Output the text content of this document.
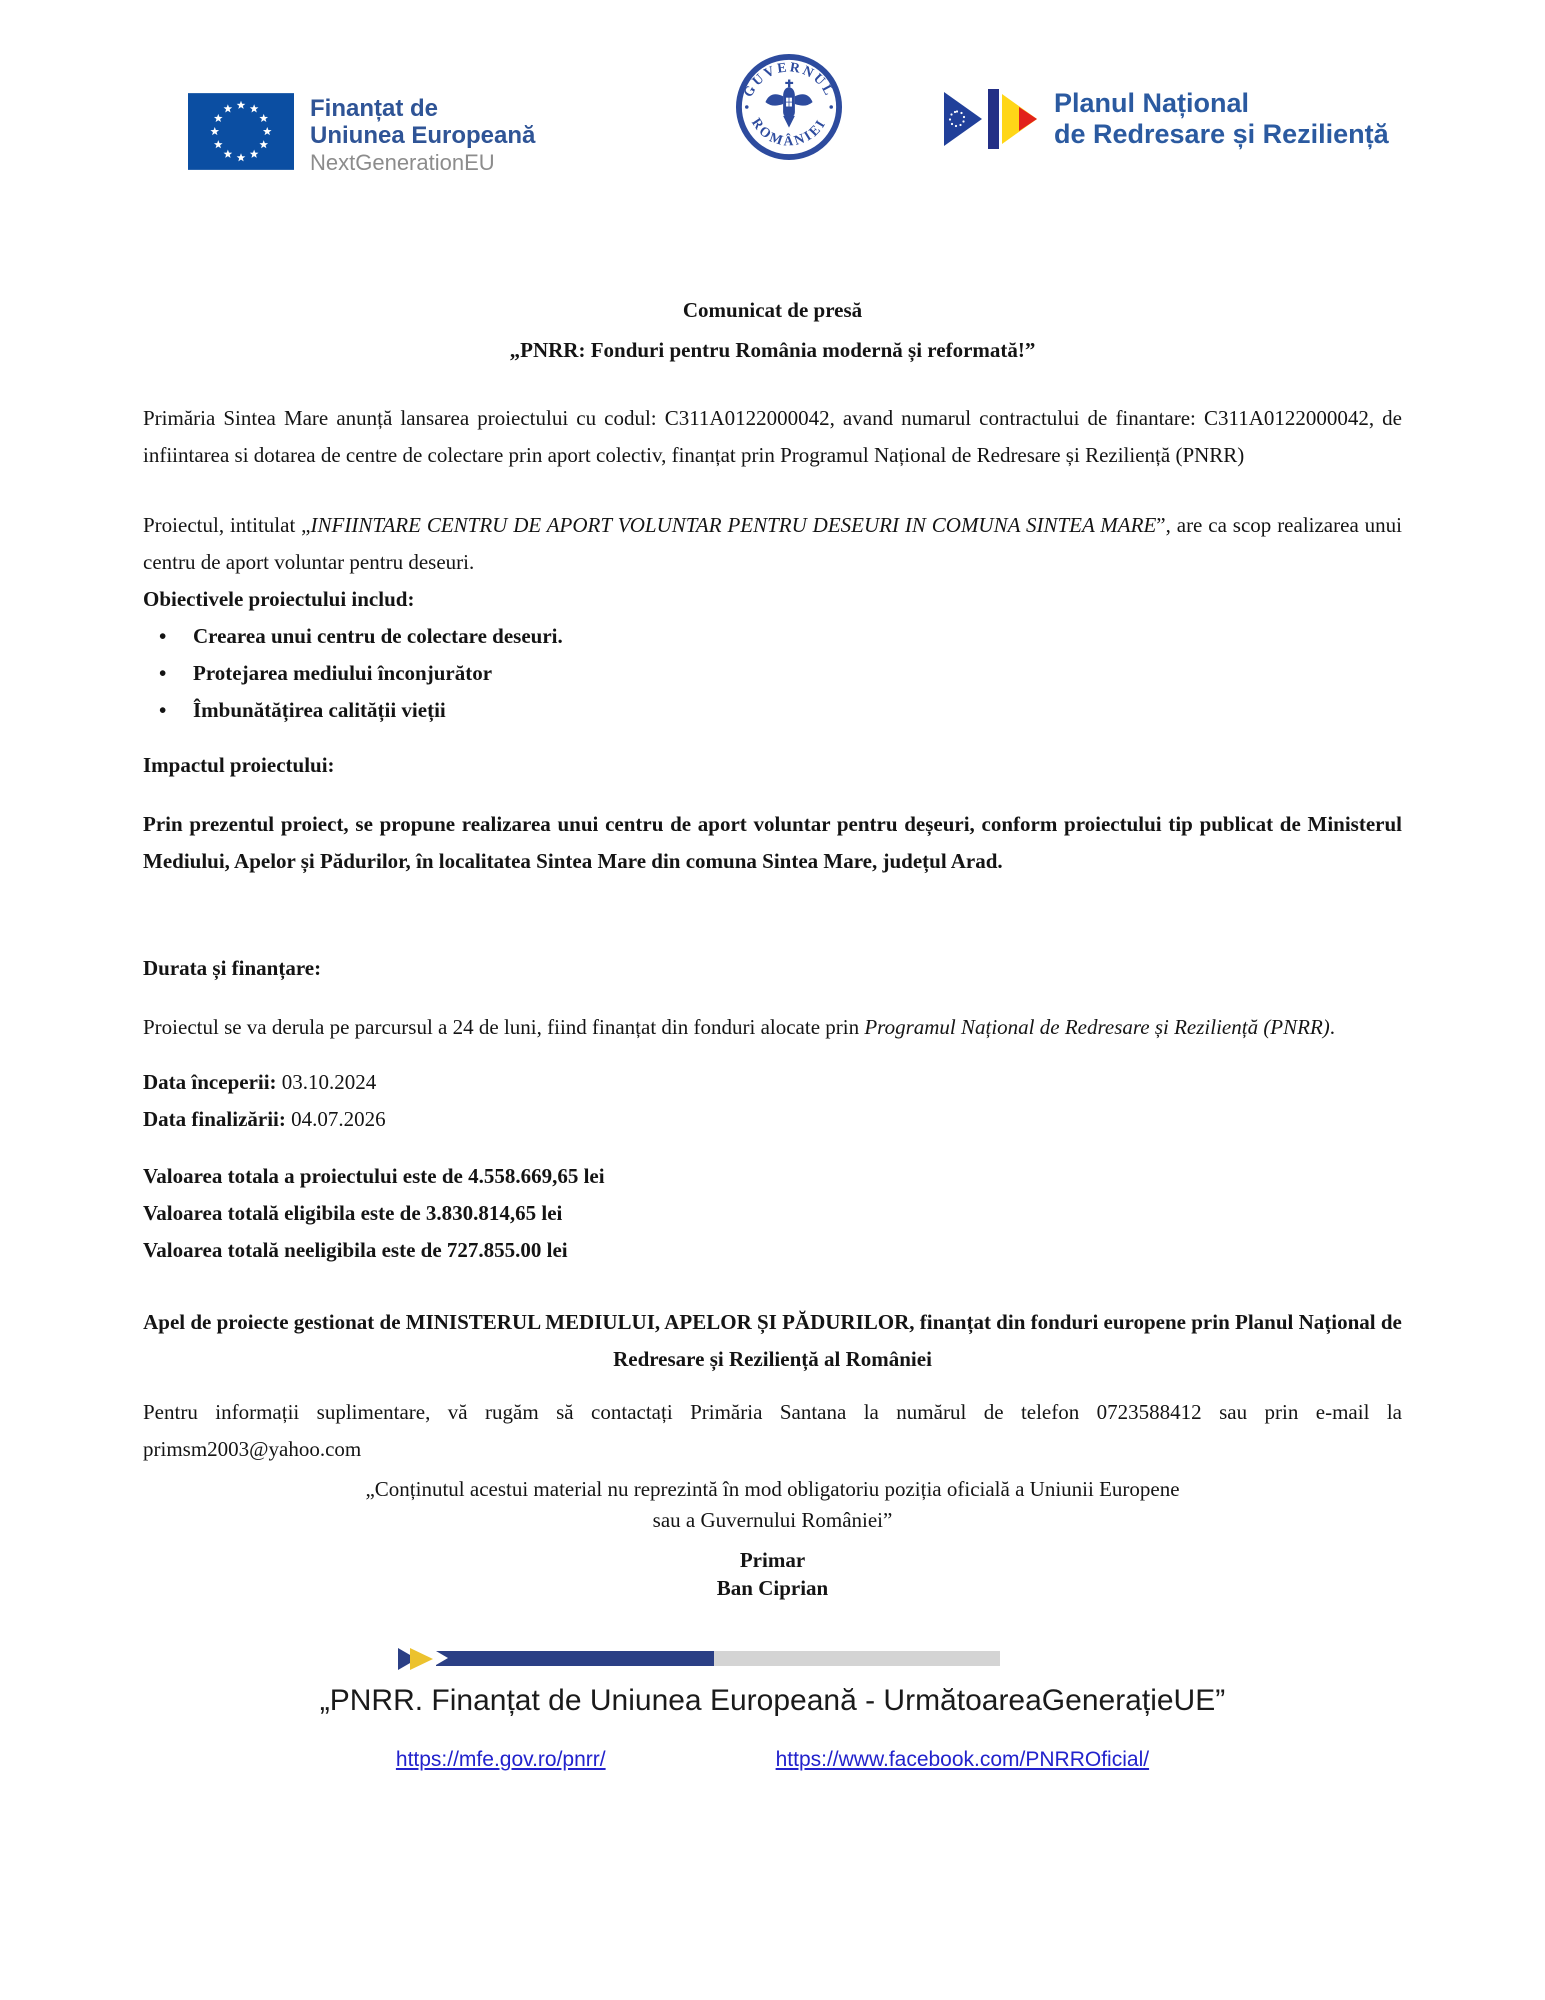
Finanțat de
Uniunea Europeană
NextGenerationEU
GUVERNUL
ROMÂNIEI
Planul Național
de Redresare și Reziliență
Comunicat de presă
„PNRR: Fonduri pentru România modernă și reformată!”

Primăria Sintea Mare anunță lansarea proiectului cu codul: C311A0122000042, avand numarul contractului de finantare: C311A0122000042, de infiintarea si dotarea de centre de colectare prin aport colectiv, finanțat prin Programul Național de Redresare și Reziliență (PNRR)

Proiectul, intitulat „INFIINTARE CENTRU DE APORT VOLUNTAR PENTRU DESEURI IN COMUNA SINTEA MARE”, are ca scop realizarea unui centru de aport voluntar pentru deseuri.

Obiectivele proiectului includ:
• Crearea unui centru de colectare deseuri.
• Protejarea mediului înconjurător
• Îmbunătățirea calității vieții
Impactul proiectului:

Prin prezentul proiect, se propune realizarea unui centru de aport voluntar pentru deșeuri, conform proiectului tip publicat de Ministerul Mediului, Apelor și Pădurilor, în localitatea Sintea Mare din comuna Sintea Mare, județul Arad.

Durata și finanțare:

Proiectul se va derula pe parcursul a 24 de luni, fiind finanțat din fonduri alocate prin Programul Național de Redresare și Reziliență (PNRR).

Data începerii: 03.10.2024
Data finalizării: 04.07.2026
Valoarea totala a proiectului este de 4.558.669,65 lei
Valoarea totală eligibila este de 3.830.814,65 lei
Valoarea totală neeligibila este de 727.855.00 lei

Apel de proiecte gestionat de MINISTERUL MEDIULUI, APELOR ȘI PĂDURILOR, finanțat din fonduri europene prin Planul Național de Redresare și Reziliență al României

Pentru informații suplimentare, vă rugăm să contactați Primăria Santana la numărul de telefon 0723588412 sau prin e-mail la primsm2003@yahoo.com

„Conținutul acestui material nu reprezintă în mod obligatoriu poziția oficială a Uniunii Europene
sau a Guvernului României”
Primar
Ban Ciprian
„PNRR. Finanțat de Uniunea Europeană - UrmătoareaGenerațieUE”
https://mfe.gov.ro/pnrr/	https://www.facebook.com/PNRROficial/
